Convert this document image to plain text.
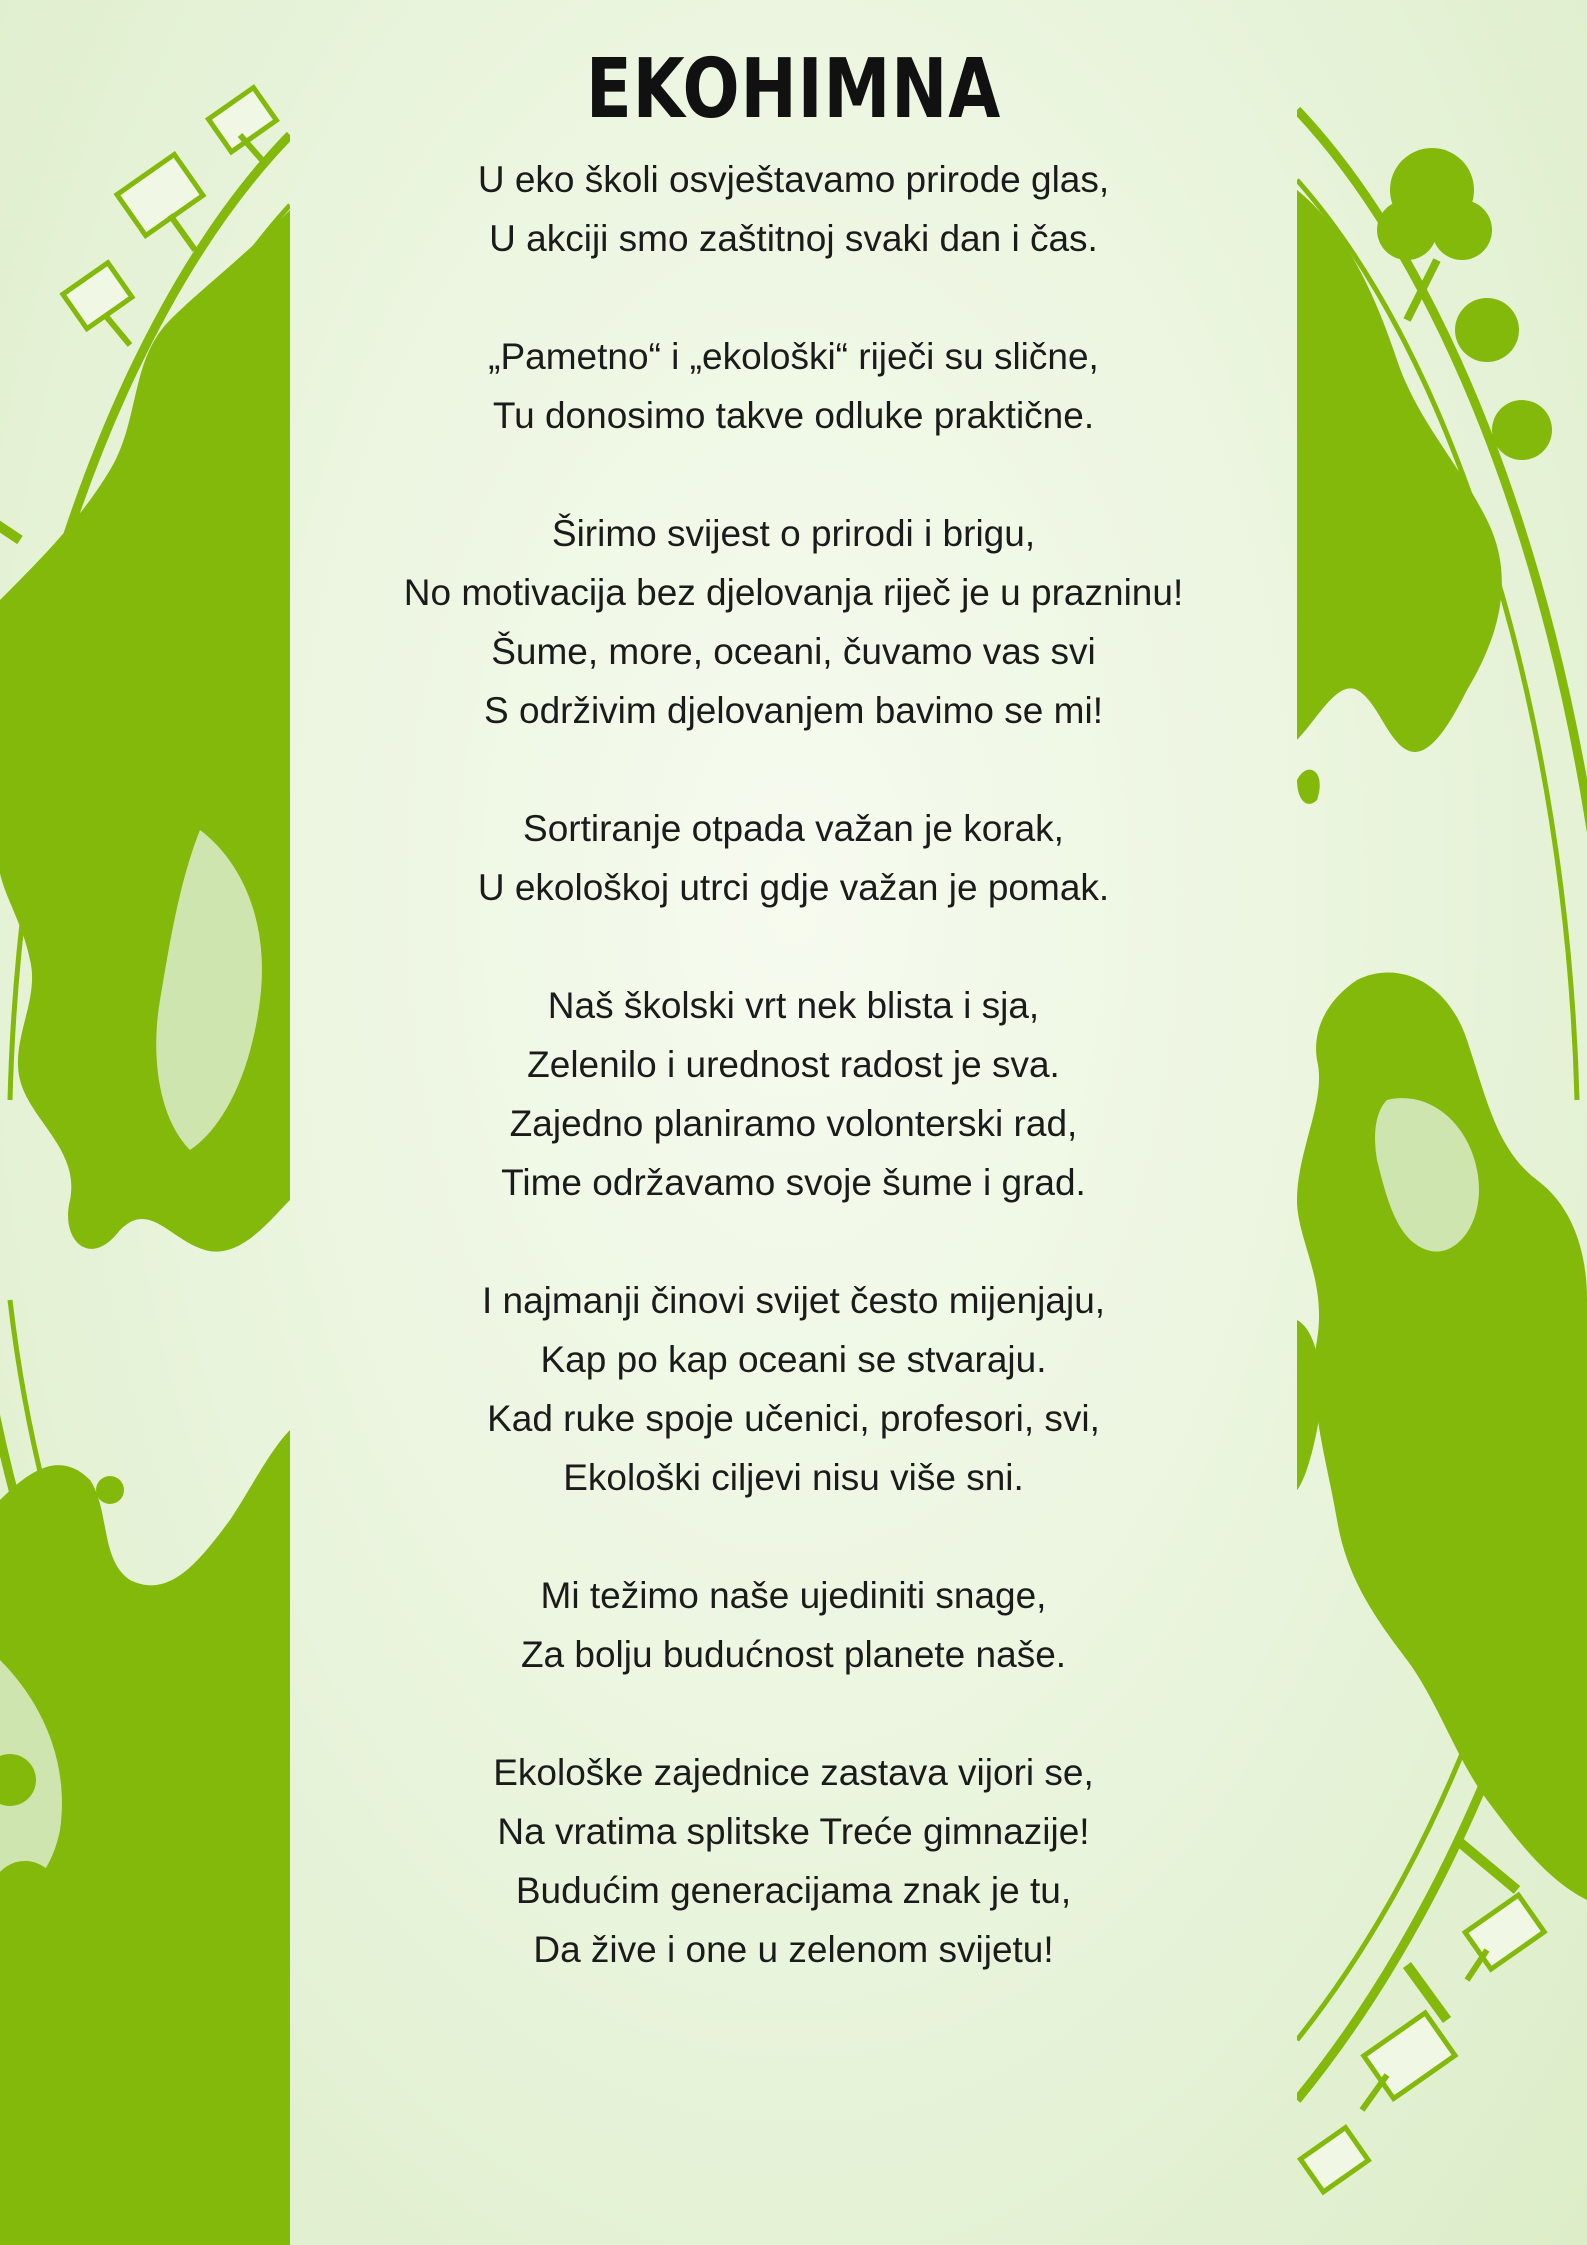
EKOHIMNA
U eko školi osvještavamo prirode glas,
U akciji smo zaštitnoj svaki dan i čas.
„Pametno“ i „ekološki“ riječi su slične,
Tu donosimo takve odluke praktične.
Širimo svijest o prirodi i brigu,
No motivacija bez djelovanja riječ je u prazninu!
Šume, more, oceani, čuvamo vas svi
S održivim djelovanjem bavimo se mi!
Sortiranje otpada važan je korak,
U ekološkoj utrci gdje važan je pomak.
Naš školski vrt nek blista i sja,
Zelenilo i urednost radost je sva.
Zajedno planiramo volonterski rad,
Time održavamo svoje šume i grad.
I najmanji činovi svijet često mijenjaju,
Kap po kap oceani se stvaraju.
Kad ruke spoje učenici, profesori, svi,
Ekološki ciljevi nisu više sni.
Mi težimo naše ujediniti snage,
Za bolju budućnost planete naše.
Ekološke zajednice zastava vijori se,
Na vratima splitske Treće gimnazije!
Budućim generacijama znak je tu,
Da žive i one u zelenom svijetu!
